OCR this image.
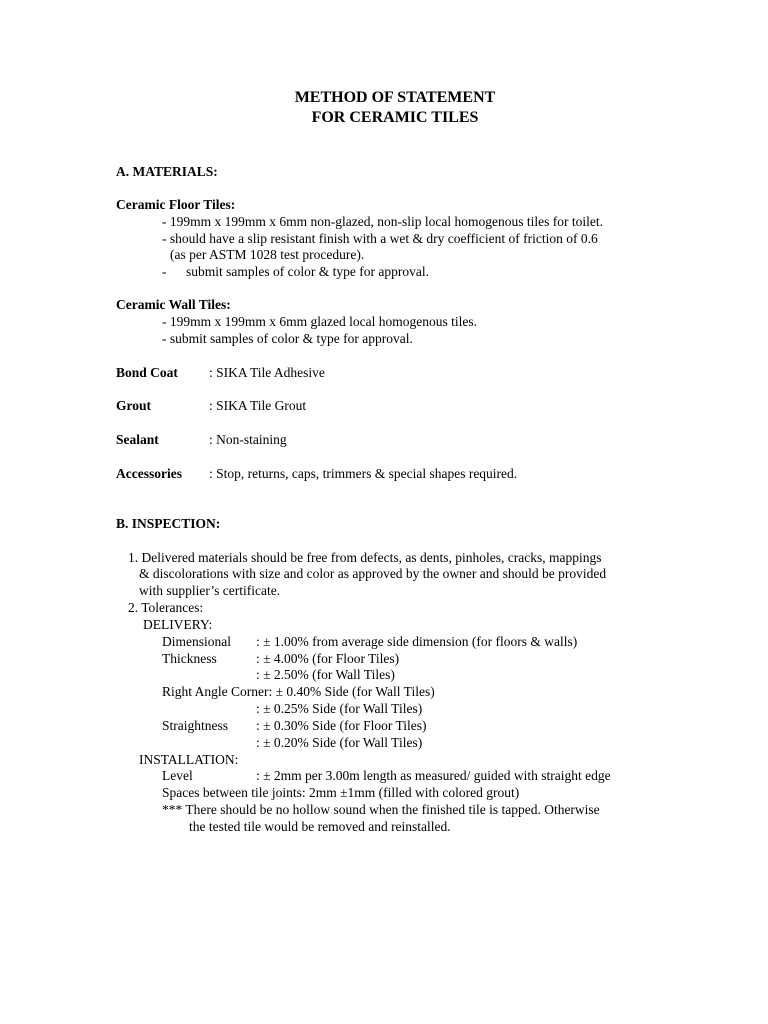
METHOD OF STATEMENT
FOR CERAMIC TILES
A. MATERIALS:
Ceramic Floor Tiles:
- 199mm x 199mm x 6mm non-glazed, non-slip local homogenous tiles for toilet.
- should have a slip resistant finish with a wet & dry coefficient of friction of 0.6
(as per ASTM 1028 test procedure).
- submit samples of color & type for approval.
Ceramic Wall Tiles:
- 199mm x 199mm x 6mm glazed local homogenous tiles.
- submit samples of color & type for approval.
Bond Coat : SIKA Tile Adhesive
Grout	: SIKA Tile Grout
Sealant	: Non-staining
Accessories : Stop, returns, caps, trimmers & special shapes required.
B. INSPECTION:
1. Delivered materials should be free from defects, as dents, pinholes, cracks, mappings
& discolorations with size and color as approved by the owner and should be provided
with supplier’s certificate.
2. Tolerances:
DELIVERY:
Dimensional : ± 1.00% from average side dimension (for floors & walls)
Thickness	: ± 4.00% (for Floor Tiles)
: ± 2.50% (for Wall Tiles)
Right Angle Corner: ± 0.40% Side (for Wall Tiles)
: ± 0.25% Side (for Wall Tiles)
Straightness : ± 0.30% Side (for Floor Tiles)
: ± 0.20% Side (for Wall Tiles)
INSTALLATION:
Level	: ± 2mm per 3.00m length as measured/ guided with straight edge
Spaces between tile joints: 2mm ±1mm (filled with colored grout)
*** There should be no hollow sound when the finished tile is tapped. Otherwise
the tested tile would be removed and reinstalled.
